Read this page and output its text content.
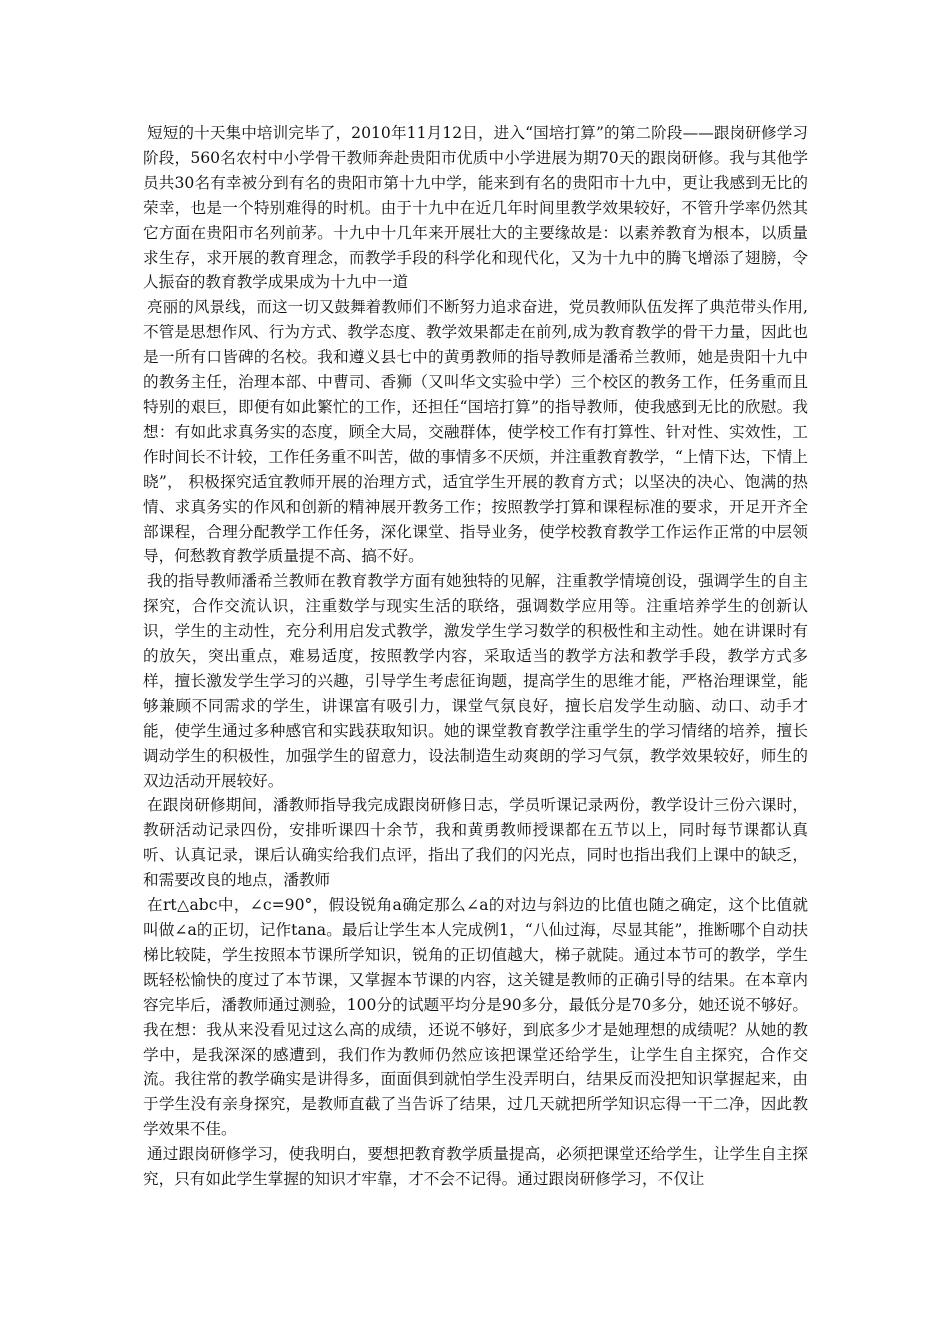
短短的十天集中培训完毕了，2010年11月12日，进入“国培打算”的第二阶段——跟岗研修学习阶段，560名农村中小学骨干教师奔赴贵阳市优质中小学进展为期70天的跟岗研修。我与其他学员共30名有幸被分到有名的贵阳市第十九中学，能来到有名的贵阳市十九中，更让我感到无比的荣幸，也是一个特别难得的时机。由于十九中在近几年时间里教学效果较好，不管升学率仍然其它方面在贵阳市名列前茅。十九中十几年来开展壮大的主要缘故是：以素养教育为根本，以质量求生存，求开展的教育理念，而教学手段的科学化和现代化，又为十九中的腾飞增添了翅膀，令人振奋的教育教学成果成为十九中一道

亮丽的风景线，而这一切又鼓舞着教师们不断努力追求奋进，党员教师队伍发挥了典范带头作用,不管是思想作风、行为方式、教学态度、教学效果都走在前列,成为教育教学的骨干力量，因此也是一所有口皆碑的名校。我和遵义县七中的黄勇教师的指导教师是潘希兰教师，她是贵阳十九中的教务主任，治理本部、中曹司、香狮（又叫华文实验中学）三个校区的教务工作，任务重而且特别的艰巨，即便有如此繁忙的工作，还担任“国培打算”的指导教师，使我感到无比的欣慰。我想：有如此求真务实的态度，顾全大局，交融群体，使学校工作有打算性、针对性、实效性，工作时间长不计较，工作任务重不叫苦，做的事情多不厌烦，并注重教育教学，“上情下达，下情上晓”， 积极探究适宜教师开展的治理方式，适宜学生开展的教育方式；以坚决的决心、饱满的热情、求真务实的作风和创新的精神展开教务工作；按照教学打算和课程标准的要求，开足开齐全部课程，合理分配教学工作任务，深化课堂、指导业务，使学校教育教学工作运作正常的中层领导，何愁教育教学质量提不高、搞不好。

我的指导教师潘希兰教师在教育教学方面有她独特的见解，注重教学情境创设，强调学生的自主探究，合作交流认识，注重数学与现实生活的联络，强调数学应用等。注重培养学生的创新认识，学生的主动性，充分利用启发式教学，激发学生学习数学的积极性和主动性。她在讲课时有的放矢，突出重点，难易适度，按照教学内容，采取适当的教学方法和教学手段，教学方式多样，擅长激发学生学习的兴趣，引导学生考虑征询题，提高学生的思维才能，严格治理课堂，能够兼顾不同需求的学生，讲课富有吸引力，课堂气氛良好，擅长启发学生动脑、动口、动手才能，使学生通过多种感官和实践获取知识。她的课堂教育教学注重学生的学习情绪的培养，擅长调动学生的积极性，加强学生的留意力，设法制造生动爽朗的学习气氛，教学效果较好，师生的双边活动开展较好。

在跟岗研修期间，潘教师指导我完成跟岗研修日志，学员听课记录两份，教学设计三份六课时，教研活动记录四份，安排听课四十余节，我和黄勇教师授课都在五节以上，同时每节课都认真听、认真记录，课后认确实给我们点评，指出了我们的闪光点，同时也指出我们上课中的缺乏，和需要改良的地点，潘教师

在rt△abc中，∠c=90°，假设锐角a确定那么∠a的对边与斜边的比值也随之确定，这个比值就叫做∠a的正切，记作tana。最后让学生本人完成例1，“八仙过海，尽显其能”，推断哪个自动扶梯比较陡，学生按照本节课所学知识，锐角的正切值越大，梯子就陡。通过本节可的教学，学生既轻松愉快的度过了本节课，又掌握本节课的内容，这关键是教师的正确引导的结果。在本章内容完毕后，潘教师通过测验，100分的试题平均分是90多分，最低分是70多分，她还说不够好。我在想：我从来没看见过这么高的成绩，还说不够好，到底多少才是她理想的成绩呢？从她的教学中，是我深深的感遭到，我们作为教师仍然应该把课堂还给学生，让学生自主探究，合作交流。我往常的教学确实是讲得多，面面俱到就怕学生没弄明白，结果反而没把知识掌握起来，由于学生没有亲身探究，是教师直截了当告诉了结果，过几天就把所学知识忘得一干二净，因此教学效果不佳。

通过跟岗研修学习，使我明白，要想把教育教学质量提高，必须把课堂还给学生，让学生自主探究，只有如此学生掌握的知识才牢靠，才不会不记得。通过跟岗研修学习，不仅让
